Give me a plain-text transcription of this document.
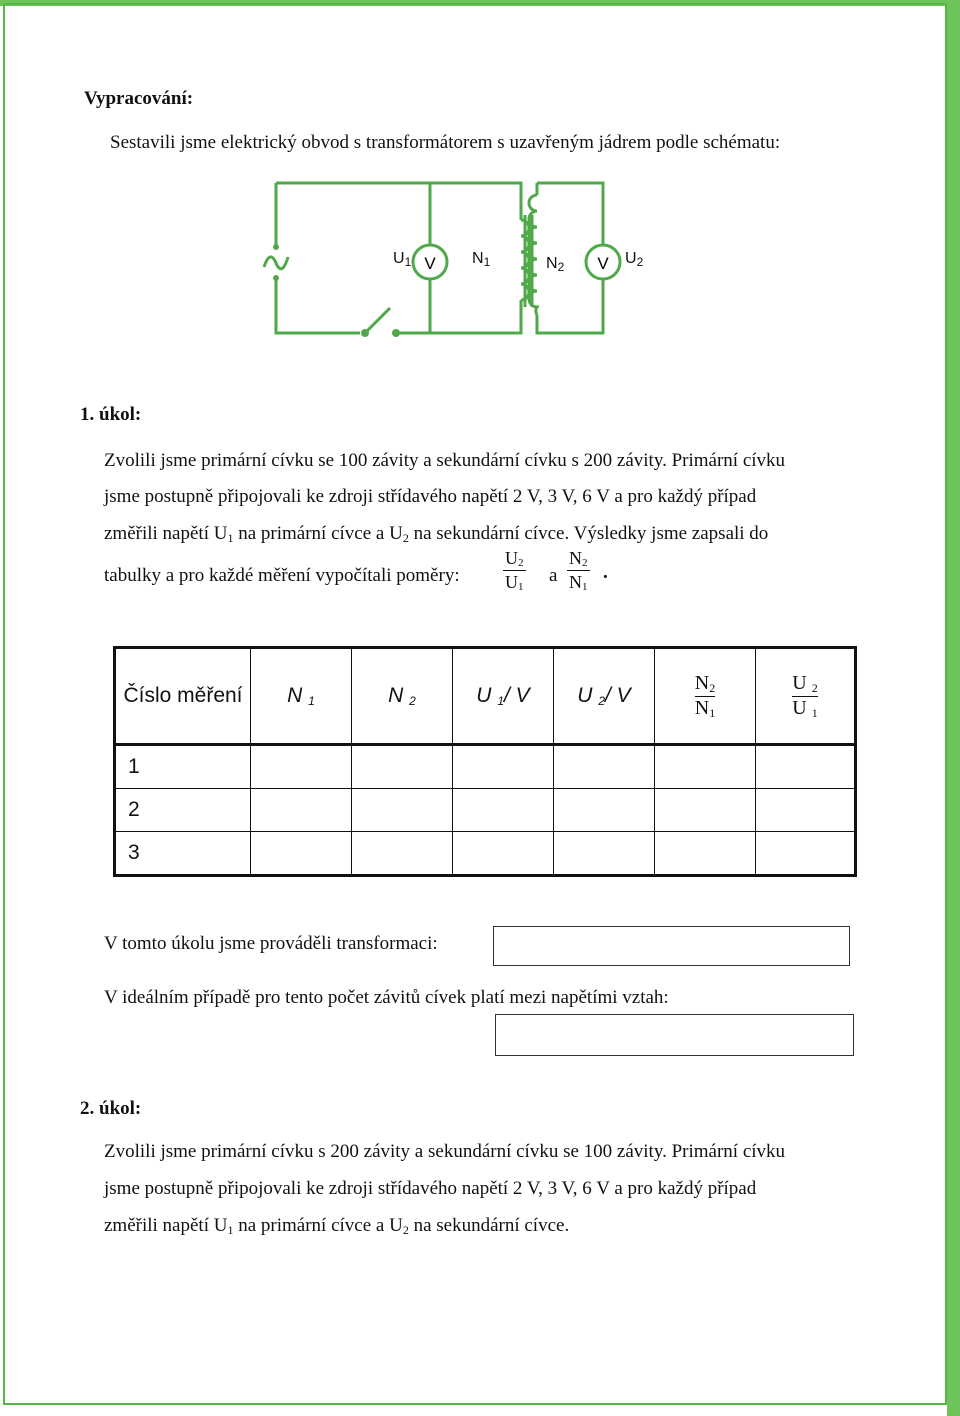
Vypracování:
Sestavili jsme elektrický obvod s transformátorem s uzavřeným jádrem podle schématu:
V	V
$U_1$	$N_1$	$N_2$	$U_2$
1. úkol:
Zvolili jsme primární cívku se 100 závity a sekundární cívku s 200 závity. Primární cívku
jsme postupně připojovali ke zdroji střídavého napětí 2 V, 3 V, 6 V a pro každý případ
změřili napětí $U_1$ na primární cívce a $U_2$ na sekundární cívce. Výsledky jsme zapsali do
tabulky a pro každé měření vypočítali poměry:
$U_2$
$U_1$
a
$N_2$
$N_1$
.
Číslo měření	N $_1$	N $_2$	U $_1$/ V	U $_2$/ V	$\frac{N_2}{N_1}$	$\frac{U _2}{U _1}$
1						
2						
3						
V tomto úkolu jsme prováděli transformaci:
V ideálním případě pro tento počet závitů cívek platí mezi napětími vztah:
2. úkol:
Zvolili jsme primární cívku s 200 závity a sekundární cívku se 100 závity. Primární cívku
jsme postupně připojovali ke zdroji střídavého napětí 2 V, 3 V, 6 V a pro každý případ
změřili napětí $U_1$ na primární cívce a $U_2$ na sekundární cívce.
